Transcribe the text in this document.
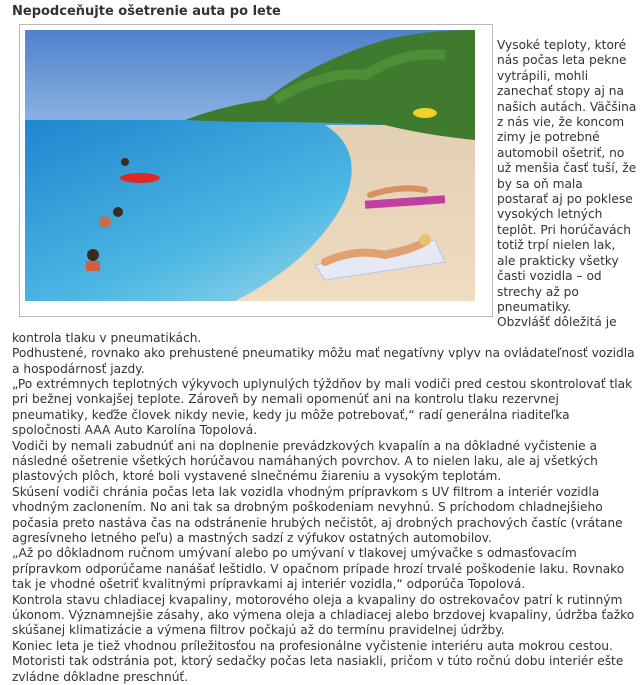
Nepodceňujte ošetrenie auta po lete

Vysoké teploty, ktoré nás počas leta pekne vytrápili, mohli zanechať stopy aj na našich autách. Väčšina z nás vie, že koncom zimy je potrebné automobil ošetriť, no už menšia časť tuší, že by sa oň mala postarať aj po poklese vysokých letných teplôt. Pri horúčavách totiž trpí nielen lak, ale prakticky všetky časti vozidla – od strechy až po pneumatiky.

Obzvlášť dôležitá je kontrola tlaku v pneumatikách.

Podhustené, rovnako ako prehustené pneumatiky môžu mať negatívny vplyv na ovládateľnosť vozidla a hospodárnosť jazdy.

„Po extrémnych teplotných výkyvoch uplynulých týždňov by mali vodiči pred cestou skontrolovať tlak pri bežnej vonkajšej teplote. Zároveň by nemali opomenúť ani na kontrolu tlaku rezervnej pneumatiky, keďže človek nikdy nevie, kedy ju môže potrebovať,“ radí generálna riaditeľka spoločnosti AAA Auto Karolína Topolová.

Vodiči by nemali zabudnúť ani na doplnenie prevádzkových kvapalín a na dôkladné vyčistenie a následné ošetrenie všetkých horúčavou namáhaných povrchov. A to nielen laku, ale aj všetkých plastových plôch, ktoré boli vystavené slnečnému žiareniu a vysokým teplotám.

Skúsení vodiči chránia počas leta lak vozidla vhodným prípravkom s UV filtrom a interiér vozidla vhodným zaclonením. No ani tak sa drobným poškodeniam nevyhnú. S príchodom chladnejšieho počasia preto nastáva čas na odstránenie hrubých nečistôt, aj drobných prachových častíc (vrátane agresívneho letného peľu) a mastných sadzí z výfukov ostatných automobilov.

„Až po dôkladnom ručnom umývaní alebo po umývaní v tlakovej umývačke s odmasťovacím prípravkom odporúčame nanášať leštidlo. V opačnom prípade hrozí trvalé poškodenie laku. Rovnako tak je vhodné ošetriť kvalitnými prípravkami aj interiér vozidla,“ odporúča Topolová.

Kontrola stavu chladiacej kvapaliny, motorového oleja a kvapaliny do ostrekovačov patrí k rutinným úkonom. Významnejšie zásahy, ako výmena oleja a chladiacej alebo brzdovej kvapaliny, údržba ťažko skúšanej klimatizácie a výmena filtrov počkajú až do termínu pravidelnej údržby.

Koniec leta je tiež vhodnou príležitosťou na profesionálne vyčistenie interiéru auta mokrou cestou. Motoristi tak odstránia pot, ktorý sedačky počas leta nasiakli, pričom v túto ročnú dobu interiér ešte zvládne dôkladne preschnúť.
